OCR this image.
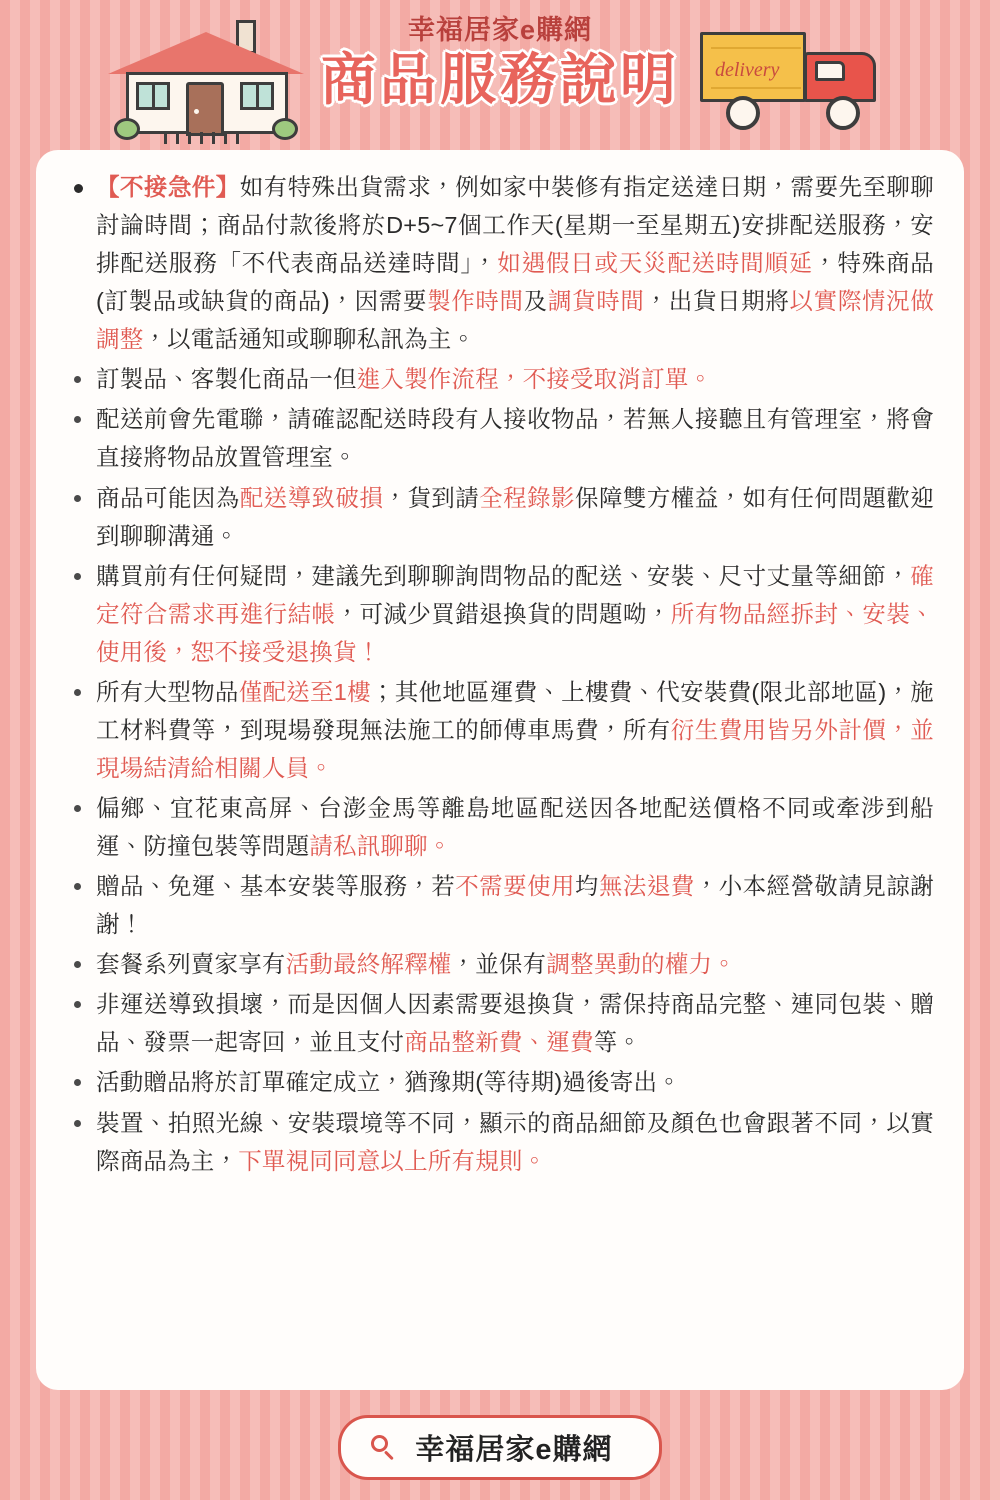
幸福居家e購網
商品服務說明	delivery
【不接急件】如有特殊出貨需求，例如家中裝修有指定送達日期，需要先至聊聊討論時間；商品付款後將於D+5~7個工作天(星期一至星期五)安排配送服務，安排配送服務「不代表商品送達時間」，如遇假日或天災配送時間順延，特殊商品(訂製品或缺貨的商品)，因需要製作時間及調貨時間，出貨日期將以實際情況做調整，以電話通知或聊聊私訊為主。
訂製品、客製化商品一但進入製作流程，不接受取消訂單。
配送前會先電聯，請確認配送時段有人接收物品，若無人接聽且有管理室，將會直接將物品放置管理室。
商品可能因為配送導致破損，貨到請全程錄影保障雙方權益，如有任何問題歡迎到聊聊溝通。
購買前有任何疑問，建議先到聊聊詢問物品的配送、安裝、尺寸丈量等細節，確定符合需求再進行結帳，可減少買錯退換貨的問題呦，所有物品經拆封、安裝、使用後，恕不接受退換貨！
所有大型物品僅配送至1樓；其他地區運費、上樓費、代安裝費(限北部地區)，施工材料費等，到現場發現無法施工的師傅車馬費，所有衍生費用皆另外計價，並現場結清給相關人員。
偏鄉、宜花東高屏、台澎金馬等離島地區配送因各地配送價格不同或牽涉到船運、防撞包裝等問題請私訊聊聊。
贈品、免運、基本安裝等服務，若不需要使用均無法退費，小本經營敬請見諒謝謝！
套餐系列賣家享有活動最終解釋權，並保有調整異動的權力。
非運送導致損壞，而是因個人因素需要退換貨，需保持商品完整、連同包裝、贈品、發票一起寄回，並且支付商品整新費、運費等。
活動贈品將於訂單確定成立，猶豫期(等待期)過後寄出。
裝置、拍照光線、安裝環境等不同，顯示的商品細節及顏色也會跟著不同，以實際商品為主，下單視同同意以上所有規則。
幸福居家e購網
